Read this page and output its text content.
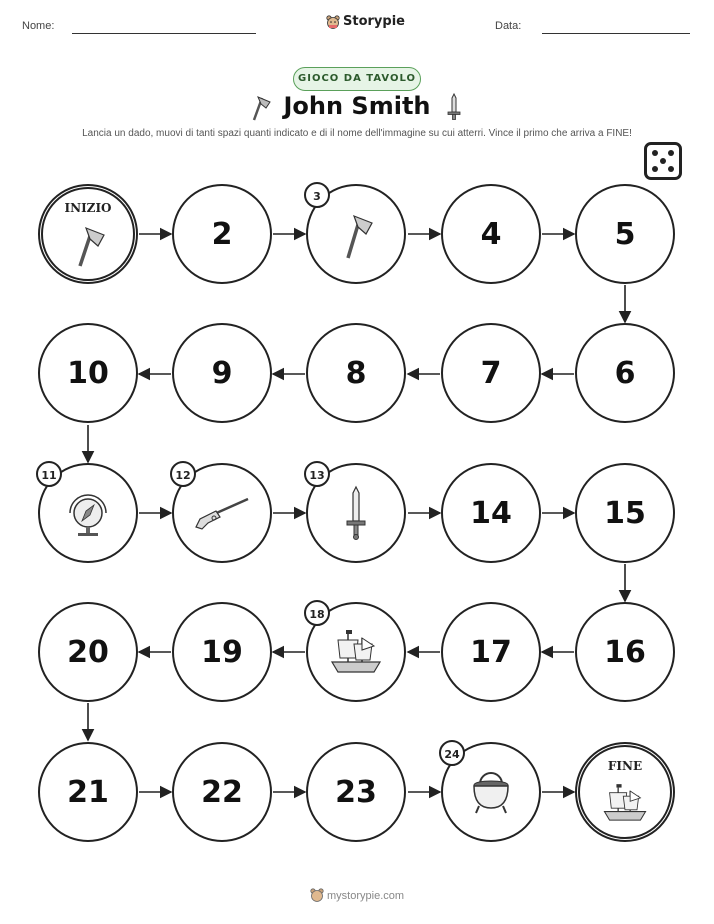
Nome:	Storypie	Data:
GIOCO DA TAVOLO
John Smith
Lancia un dado, muovi di tanti spazi quanti indicato e di il nome dell'immagine su cui atterri. Vince il primo che arriva a FINE!
INIZIO
2
3
4	5
10	9	8	7	6
11	12	13
14	15
20	19
18
17	16
21	22	23
24
FINE
mystorypie.com
